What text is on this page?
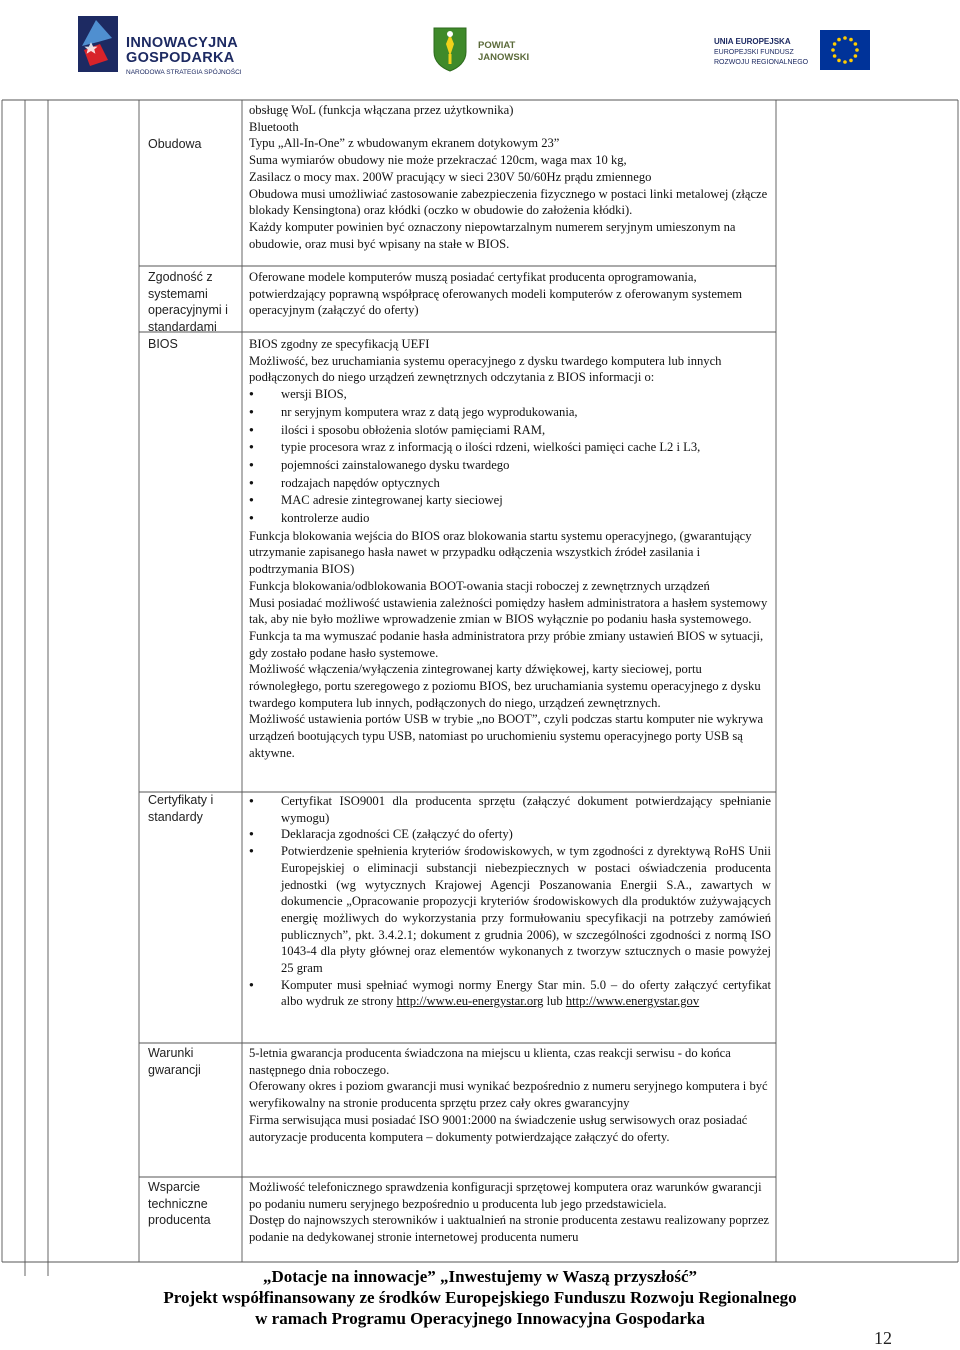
INNOWACYJNA
GOSPODARKA
NARODOWA STRATEGIA SPÓJNOŚCI
POWIAT
JANOWSKI
UNIA EUROPEJSKA
EUROPEJSKI FUNDUSZ
ROZWOJU REGIONALNEGO
Obudowa

obsługę WoL (funkcja włączana przez użytkownika)

Bluetooth

Typu „All-In-One” z wbudowanym ekranem dotykowym 23”

Suma wymiarów obudowy nie może przekraczać 120cm, waga max 10 kg,

Zasilacz o mocy max. 200W pracujący w sieci 230V 50/60Hz prądu zmiennego

Obudowa musi umożliwiać zastosowanie zabezpieczenia fizycznego w postaci linki metalowej (złącze blokady Kensingtona) oraz kłódki (oczko w obudowie do założenia kłódki).

Każdy komputer powinien być oznaczony niepowtarzalnym numerem seryjnym umieszonym na obudowie, oraz musi być wpisany na stałe w BIOS.

Zgodność z systemami operacyjnymi i standardami

Oferowane modele komputerów muszą posiadać certyfikat producenta oprogramowania, potwierdzający poprawną współpracę oferowanych modeli komputerów z oferowanym systemem operacyjnym (załączyć do oferty)

BIOS	BIOS zgodny ze specyfikacją UEFI

Możliwość, bez uruchamiania systemu operacyjnego z dysku twardego komputera lub innych podłączonych do niego urządzeń zewnętrznych odczytania z BIOS informacji o:

● wersji BIOS,
● nr seryjnym komputera wraz z datą jego wyprodukowania,
● ilości i sposobu obłożenia slotów pamięciami RAM,
● typie procesora wraz z informacją o ilości rdzeni, wielkości pamięci cache L2 i L3,
● pojemności zainstalowanego dysku twardego
● rodzajach napędów optycznych
● MAC adresie zintegrowanej karty sieciowej
● kontrolerze audio

Funkcja blokowania wejścia do BIOS oraz blokowania startu systemu operacyjnego, (gwarantujący utrzymanie zapisanego hasła nawet w przypadku odłączenia wszystkich źródeł zasilania i podtrzymania BIOS)

Funkcja blokowania/odblokowania BOOT-owania stacji roboczej z zewnętrznych urządzeń

Musi posiadać możliwość ustawienia zależności pomiędzy hasłem administratora a hasłem systemowy tak, aby nie było możliwe wprowadzenie zmian w BIOS wyłącznie po podaniu hasła systemowego. Funkcja ta ma wymuszać podanie hasła administratora przy próbie zmiany ustawień BIOS w sytuacji, gdy zostało podane hasło systemowe.

Możliwość włączenia/wyłączenia zintegrowanej karty dźwiękowej, karty sieciowej, portu równoległego, portu szeregowego z poziomu BIOS, bez uruchamiania systemu operacyjnego z dysku twardego komputera lub innych, podłączonych do niego, urządzeń zewnętrznych.

Możliwość ustawienia portów USB w trybie „no BOOT”, czyli podczas startu komputer nie wykrywa urządzeń bootujących typu USB, natomiast po uruchomieniu systemu operacyjnego porty USB są aktywne.

Certyfikaty i standardy
● Certyfikat ISO9001 dla producenta sprzętu (załączyć dokument potwierdzający spełnianie wymogu)
● Deklaracja zgodności CE (załączyć do oferty)
● Potwierdzenie spełnienia kryteriów środowiskowych, w tym zgodności z dyrektywą RoHS Unii Europejskiej o eliminacji substancji niebezpiecznych w postaci oświadczenia producenta jednostki (wg wytycznych Krajowej Agencji Poszanowania Energii S.A., zawartych w dokumencie „Opracowanie propozycji kryteriów środowiskowych dla produktów zużywających energię możliwych do wykorzystania przy formułowaniu specyfikacji na potrzeby zamówień publicznych”, pkt. 3.4.2.1; dokument z grudnia 2006), w szczególności zgodności z normą ISO 1043-4 dla płyty głównej oraz elementów wykonanych z tworzyw sztucznych o masie powyżej 25 gram
● Komputer musi spełniać wymogi normy Energy Star min. 5.0 – do oferty załączyć certyfikat albo wydruk ze strony http://www.eu-energystar.org lub http://www.energystar.gov
Warunki gwarancji

5-letnia gwarancja producenta świadczona na miejscu u klienta, czas reakcji serwisu - do końca następnego dnia roboczego.

Oferowany okres i poziom gwarancji musi wynikać bezpośrednio z numeru seryjnego komputera i być weryfikowalny na stronie producenta sprzętu przez cały okres gwarancyjny

Firma serwisująca musi posiadać ISO 9001:2000 na świadczenie usług serwisowych oraz posiadać autoryzacje producenta komputera – dokumenty potwierdzające załączyć do oferty.

Wsparcie techniczne producenta

Możliwość telefonicznego sprawdzenia konfiguracji sprzętowej komputera oraz warunków gwarancji po podaniu numeru seryjnego bezpośrednio u producenta lub jego przedstawiciela.

Dostęp do najnowszych sterowników i uaktualnień na stronie producenta zestawu realizowany poprzez podanie na dedykowanej stronie internetowej producenta numeru

„Dotacje na innowacje” „Inwestujemy w Waszą przyszłość”
Projekt współfinansowany ze środków Europejskiego Funduszu Rozwoju Regionalnego
w ramach Programu Operacyjnego Innowacyjna Gospodarka
12
